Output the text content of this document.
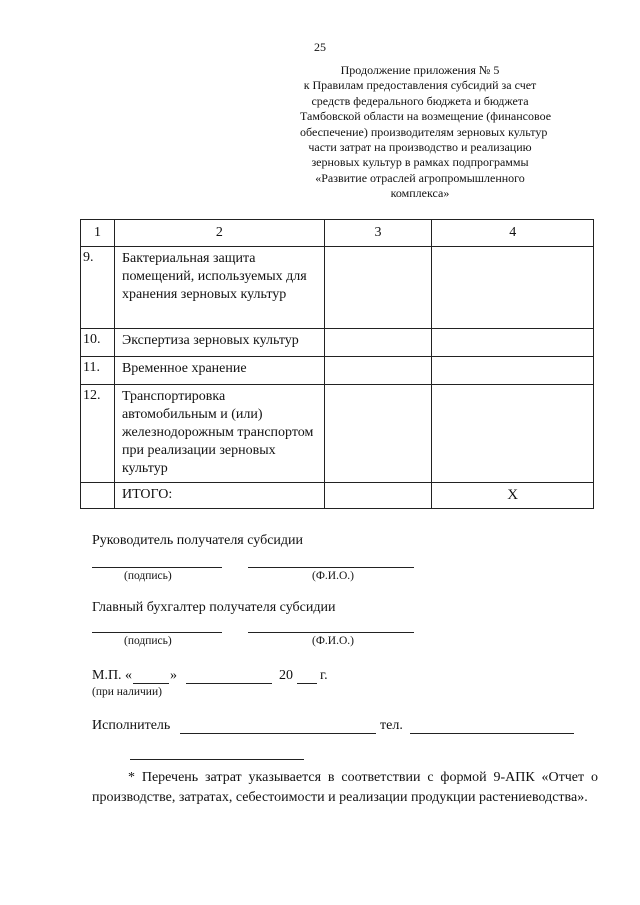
25
Продолжение приложения № 5
к Правилам предоставления субсидий за счет
средств федерального бюджета и бюджета
Тамбовской области на возмещение (финансовое
обеспечение) производителям зерновых культур
части затрат на производство и реализацию
зерновых культур в рамках подпрограммы
«Развитие отраслей агропромышленного
комплекса»
1	2	3	4
9.	Бактериальная защита помещений, используемых для хранения зерновых культур		
10.	Экспертиза зерновых культур		
11.	Временное хранение		
12.	Транспортировка автомобильным и (или) железнодорожным транспортом при реализации зерновых культур		
	ИТОГО:		Х
Руководитель получателя субсидии
(подпись)	(Ф.И.О.)
Главный бухгалтер получателя субсидии
(подпись)	(Ф.И.О.)
М.П. «	»	20 г.
(при наличии)
Исполнитель	тел.
* Перечень затрат указывается в соответствии с формой 9-АПК «Отчет о производстве, затратах, себестоимости и реализации продукции растениеводства».
